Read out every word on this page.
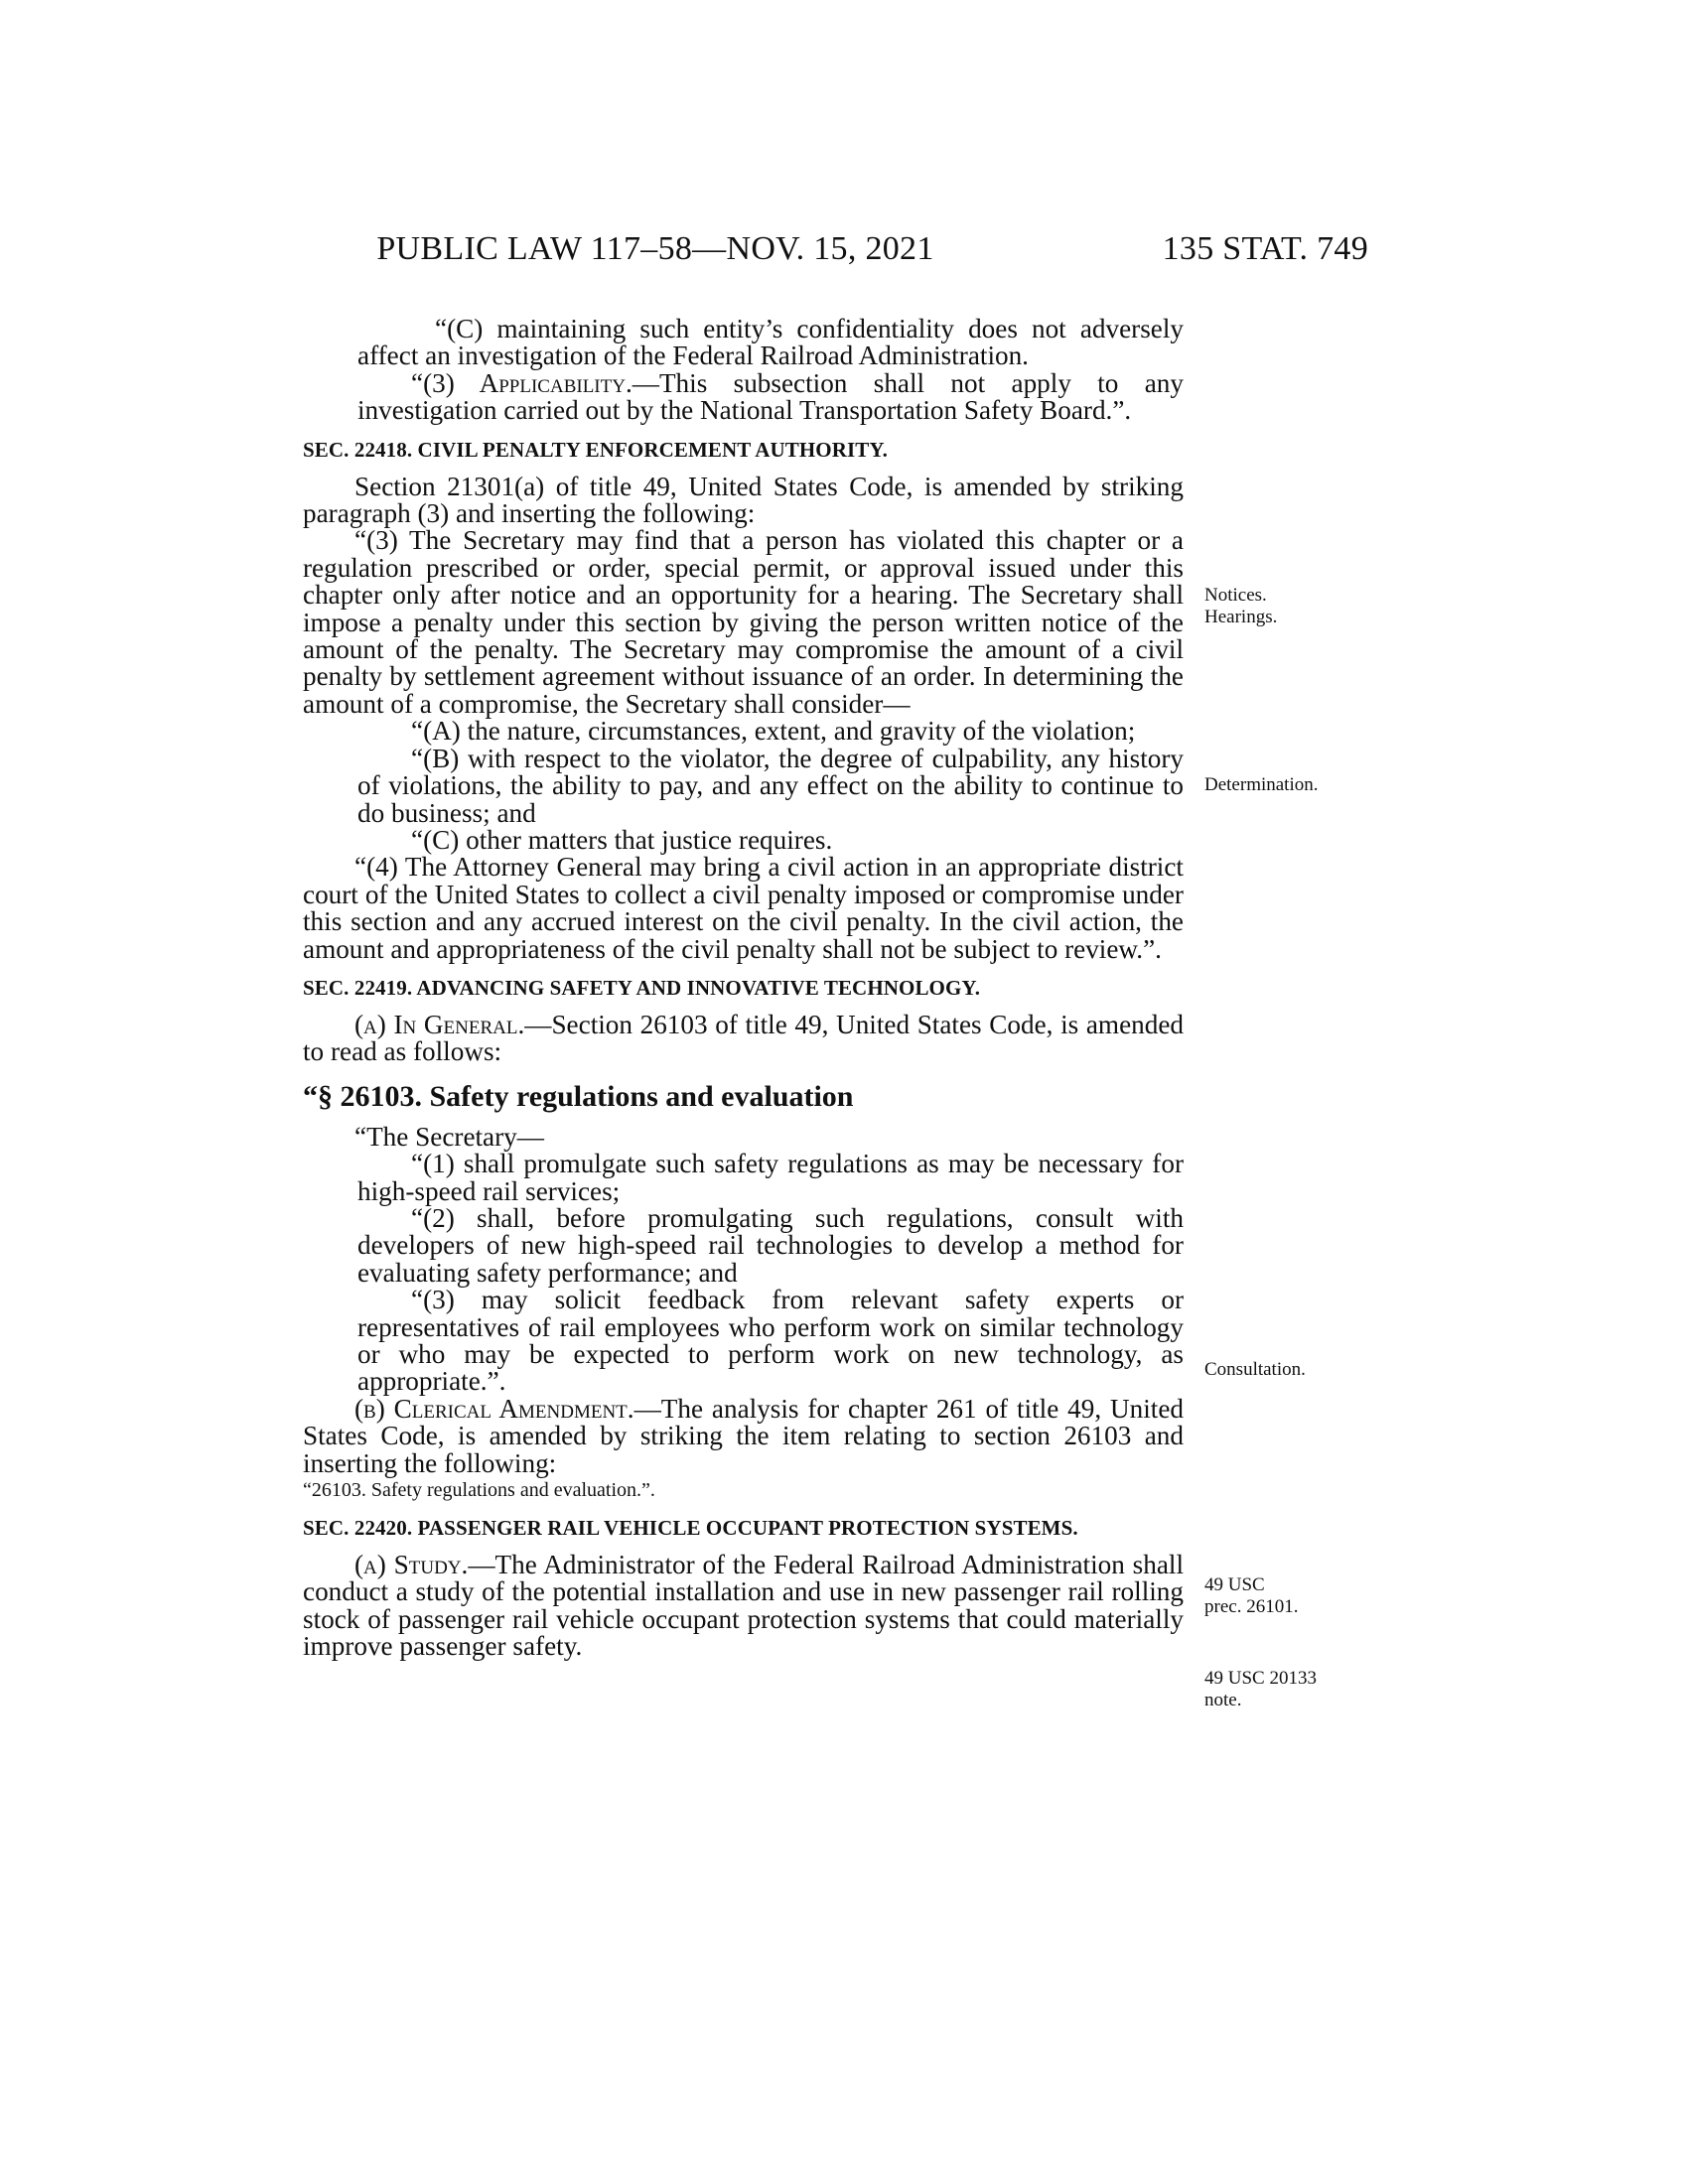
PUBLIC LAW 117–58—NOV. 15, 2021	135 STAT. 749

“(C) maintaining such entity’s confidentiality does not adversely affect an investigation of the Federal Railroad Administration.

“(3) Applicability.—This subsection shall not apply to any investigation carried out by the National Transportation Safety Board.”.

SEC. 22418. CIVIL PENALTY ENFORCEMENT AUTHORITY.

Section 21301(a) of title 49, United States Code, is amended by striking paragraph (3) and inserting the following:

“(3) The Secretary may find that a person has violated this chapter or a regulation prescribed or order, special permit, or approval issued under this chapter only after notice and an opportunity for a hearing. The Secretary shall impose a penalty under this section by giving the person written notice of the amount of the penalty. The Secretary may compromise the amount of a civil penalty by settlement agreement without issuance of an order. In determining the amount of a compromise, the Secretary shall consider—

“(A) the nature, circumstances, extent, and gravity of the violation;

“(B) with respect to the violator, the degree of culpability, any history of violations, the ability to pay, and any effect on the ability to continue to do business; and

“(C) other matters that justice requires.

“(4) The Attorney General may bring a civil action in an appropriate district court of the United States to collect a civil penalty imposed or compromise under this section and any accrued interest on the civil penalty. In the civil action, the amount and appropriateness of the civil penalty shall not be subject to review.”.

SEC. 22419. ADVANCING SAFETY AND INNOVATIVE TECHNOLOGY.

(a) In General.—Section 26103 of title 49, United States Code, is amended to read as follows:

“§ 26103. Safety regulations and evaluation

“The Secretary—

“(1) shall promulgate such safety regulations as may be necessary for high-speed rail services;

“(2) shall, before promulgating such regulations, consult with developers of new high-speed rail technologies to develop a method for evaluating safety performance; and

“(3) may solicit feedback from relevant safety experts or representatives of rail employees who perform work on similar technology or who may be expected to perform work on new technology, as appropriate.”.

(b) Clerical Amendment.—The analysis for chapter 261 of title 49, United States Code, is amended by striking the item relating to section 26103 and inserting the following:

“26103. Safety regulations and evaluation.”.

SEC. 22420. PASSENGER RAIL VEHICLE OCCUPANT PROTECTION SYSTEMS.

(a) Study.—The Administrator of the Federal Railroad Administration shall conduct a study of the potential installation and use in new passenger rail rolling stock of passenger rail vehicle occupant protection systems that could materially improve passenger safety.

Notices.
Hearings.
Determination.
Consultation.
49 USC
prec. 26101.
49 USC 20133
note.
